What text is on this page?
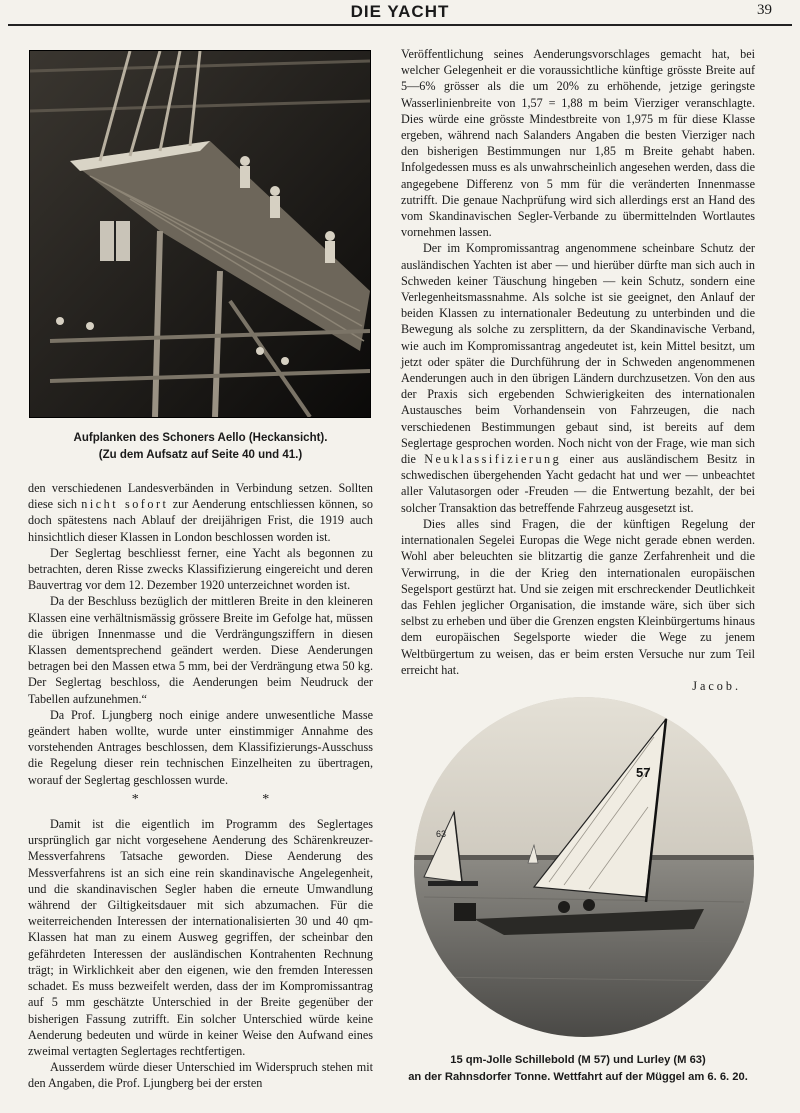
DIE YACHT	39
Aufplanken des Schoners Aello (Heckansicht).
(Zu dem Aufsatz auf Seite 40 und 41.)

den verschiedenen Landesverbänden in Verbindung setzen. Sollten diese sich nicht sofort zur Aenderung entschliessen können, so doch spätestens nach Ablauf der dreijährigen Frist, die 1919 auch hinsichtlich dieser Klassen in London beschlossen worden ist.

Der Seglertag beschliesst ferner, eine Yacht als begonnen zu betrachten, deren Risse zwecks Klassifizierung eingereicht und deren Bauvertrag vor dem 12. Dezember 1920 unterzeichnet worden ist.

Da der Beschluss bezüglich der mittleren Breite in den kleineren Klassen eine verhältnismässig grössere Breite im Gefolge hat, müssen die übrigen Innenmasse und die Verdrängungsziffern in diesen Klassen dementsprechend geändert werden. Diese Aenderungen betragen bei den Massen etwa 5 mm, bei der Verdrängung etwa 50 kg. Der Seglertag beschloss, die Aenderungen beim Neudruck der Tabellen aufzunehmen.“

Da Prof. Ljungberg noch einige andere unwesentliche Masse geändert haben wollte, wurde unter einstimmiger Annahme des vorstehenden Antrages beschlossen, dem Klassifizierungs-Ausschuss die Regelung dieser rein technischen Einzelheiten zu übertragen, worauf der Seglertag geschlossen wurde.

* *

Damit ist die eigentlich im Programm des Seglertages ursprünglich gar nicht vorgesehene Aenderung des Schärenkreuzer-Messverfahrens Tatsache geworden. Diese Aenderung des Messverfahrens ist an sich eine rein skandinavische Angelegenheit, und die skandinavischen Segler haben die erneute Umwandlung während der Giltigkeitsdauer mit sich abzumachen. Für die weiterreichenden Interessen der internationalisierten 30 und 40 qm-Klassen hat man zu einem Ausweg gegriffen, der scheinbar den gefährdeten Interessen der ausländischen Kontrahenten Rechnung trägt; in Wirklichkeit aber den eigenen, wie den fremden Interessen schadet. Es muss bezweifelt werden, dass der im Kompromissantrag auf 5 mm geschätzte Unterschied in der Breite gegenüber der bisherigen Fassung zutrifft. Ein solcher Unterschied würde keine Aenderung bedeuten und würde in keiner Weise den Aufwand eines zweimal vertagten Seglertages rechtfertigen.

Ausserdem würde dieser Unterschied im Widerspruch stehen mit den Angaben, die Prof. Ljungberg bei der ersten

Veröffentlichung seines Aenderungsvorschlages gemacht hat, bei welcher Gelegenheit er die voraussichtliche künftige grösste Breite auf 5—6% grösser als die um 20% zu erhöhende, jetzige geringste Wasserlinienbreite von 1,57 = 1,88 m beim Vierziger veranschlagte. Dies würde eine grösste Mindestbreite von 1,975 m für diese Klasse ergeben, während nach Salanders Angaben die besten Vierziger nach den bisherigen Bestimmungen nur 1,85 m Breite gehabt haben. Infolgedessen muss es als unwahrscheinlich angesehen werden, dass die angegebene Differenz von 5 mm für die veränderten Innenmasse zutrifft. Die genaue Nachprüfung wird sich allerdings erst an Hand des vom Skandinavischen Segler-Verbande zu übermittelnden Wortlautes vornehmen lassen.

Der im Kompromissantrag angenommene scheinbare Schutz der ausländischen Yachten ist aber — und hierüber dürfte man sich auch in Schweden keiner Täuschung hingeben — kein Schutz, sondern eine Verlegenheitsmassnahme. Als solche ist sie geeignet, den Anlauf der beiden Klassen zu internationaler Bedeutung zu unterbinden und die Bewegung als solche zu zersplittern, da der Skandinavische Verband, wie auch im Kompromissantrag angedeutet ist, kein Mittel besitzt, um jetzt oder später die Durchführung der in Schweden angenommenen Aenderungen auch in den übrigen Ländern durchzusetzen. Von den aus der Praxis sich ergebenden Schwierigkeiten des internationalen Austausches beim Vorhandensein von Fahrzeugen, die nach verschiedenen Bestimmungen gebaut sind, ist bereits auf dem Seglertage gesprochen worden. Noch nicht von der Frage, wie man sich die Neuklassifizierung einer aus ausländischem Besitz in schwedischen übergehenden Yacht gedacht hat und wer — unbeachtet aller Valutasorgen oder -Freuden — die Entwertung bezahlt, der bei solcher Transaktion das betreffende Fahrzeug ausgesetzt ist.

Dies alles sind Fragen, die der künftigen Regelung der internationalen Segelei Europas die Wege nicht gerade ebnen werden. Wohl aber beleuchten sie blitzartig die ganze Zerfahrenheit und die Verwirrung, in die der Krieg den internationalen europäischen Segelsport gestürzt hat. Und sie zeigen mit erschreckender Deutlichkeit das Fehlen jeglicher Organisation, die imstande wäre, sich über sich selbst zu erheben und über die Grenzen engsten Kleinbürgertums hinaus dem europäischen Segelsporte wieder die Wege zu jenem Weltbürgertum zu weisen, das er beim ersten Versuche nur zum Teil erreicht hat.

Jacob.

63
57
15 qm-Jolle Schillebold (M 57) und Lurley (M 63)
an der Rahnsdorfer Tonne. Wettfahrt auf der Müggel am 6. 6. 20.
